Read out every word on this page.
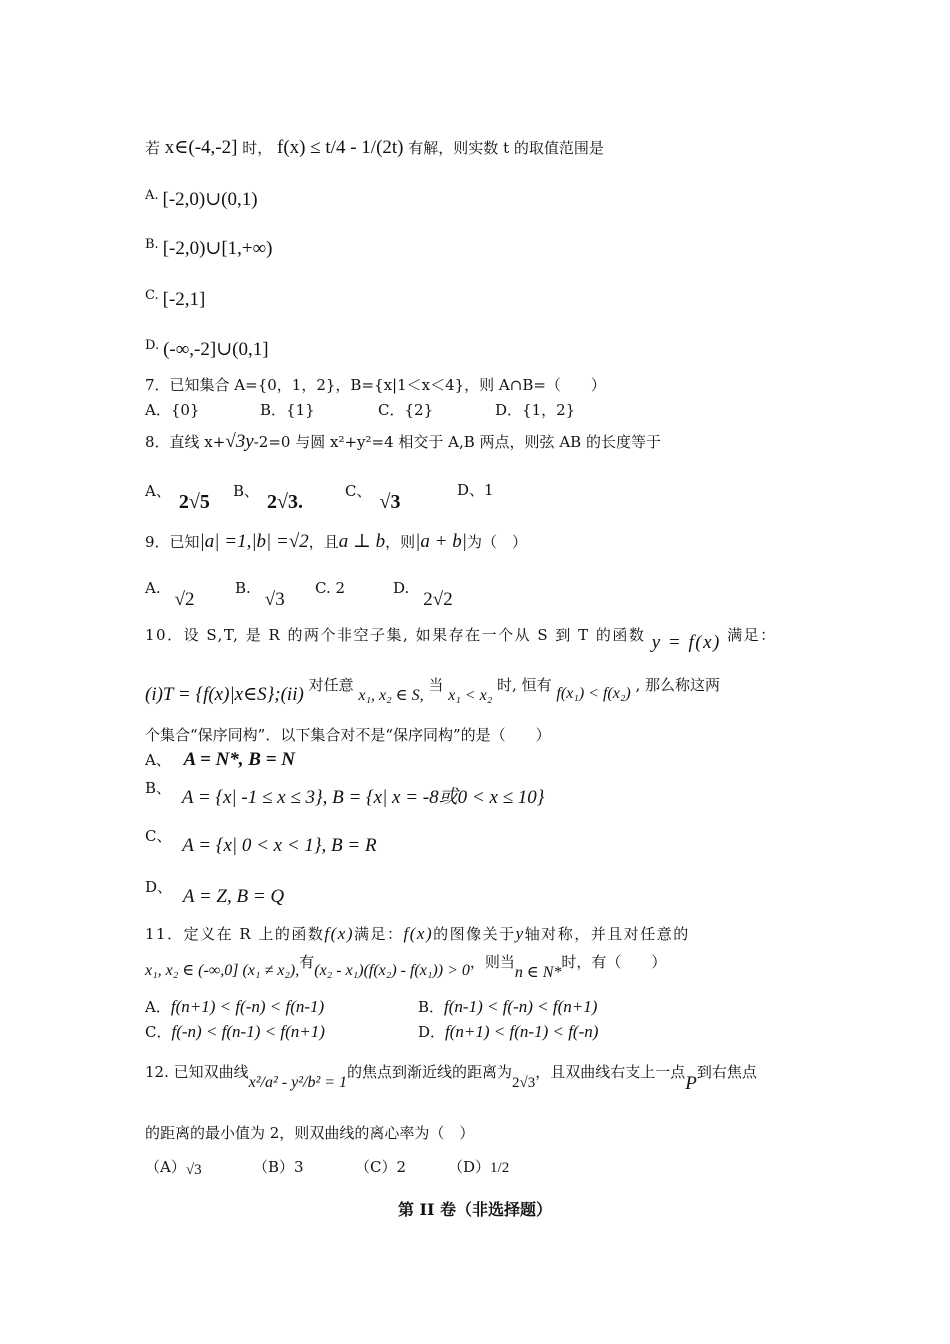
若 x∈(-4,-2] 时， f(x) ≤ t/4 - 1/(2t) 有解，则实数 t 的取值范围是
A. [-2,0)∪(0,1)
B. [-2,0)∪[1,+∞)
C. [-2,1]
D. (-∞,-2]∪(0,1]
7．已知集合 A={0，1，2}，B={x|1＜x＜4}，则 A∩B=（　　）
A．{0}	B．{1}	C．{2}	D．{1，2}
8．直线 x+√3y-2=0 与圆 x²+y²=4 相交于 A,B 两点，则弦 AB 的长度等于
A、 2√5 B、 2√3.	C、 √3
D、1
9．已知|a| =1,|b| =√2，且a ⊥ b，则|a + b|为（　）
A.√2
B.√3
C. 2	D.2√2
10．设 S,T, 是 R 的两个非空子集, 如果存在一个从 S 到 T 的函数 y = f(x) 满足：
(i)T = {f(x)|x∈S};(ii) 对任意 x₁, x₂ ∈ S, 当 x₁ < x₂ 时, 恒有 f(x₁) < f(x₂) , 那么称这两
个集合“保序同构”．以下集合对不是“保序同构”的是（　　）
A、 A = N*, B = N
B、 A = {x| -1 ≤ x ≤ 3}, B = {x| x = -8或0 < x ≤ 10}
C、 A = {x| 0 < x < 1}, B = R
D、 A = Z, B = Q
11．定义在 R 上的函数f(x)满足：f(x)的图像关于y轴对称，并且对任意的
x₁, x₂ ∈ (-∞,0] (x₁ ≠ x₂),有(x₂ - x₁)(f(x₂) - f(x₁)) > 0，则当n ∈ N*时，有（　　）
A．f(n+1) < f(-n) < f(n-1)	B．f(n-1) < f(-n) < f(n+1)
C．f(-n) < f(n-1) < f(n+1)	D．f(n+1) < f(n-1) < f(-n)
12. 已知双曲线x²/a² - y²/b² = 1的焦点到渐近线的距离为2√3，且双曲线右支上一点P到右焦点
的距离的最小值为 2，则双曲线的离心率为（　）
（A）√3	（B）3	（C）2	（D）1/2
第 II 卷（非选择题）
